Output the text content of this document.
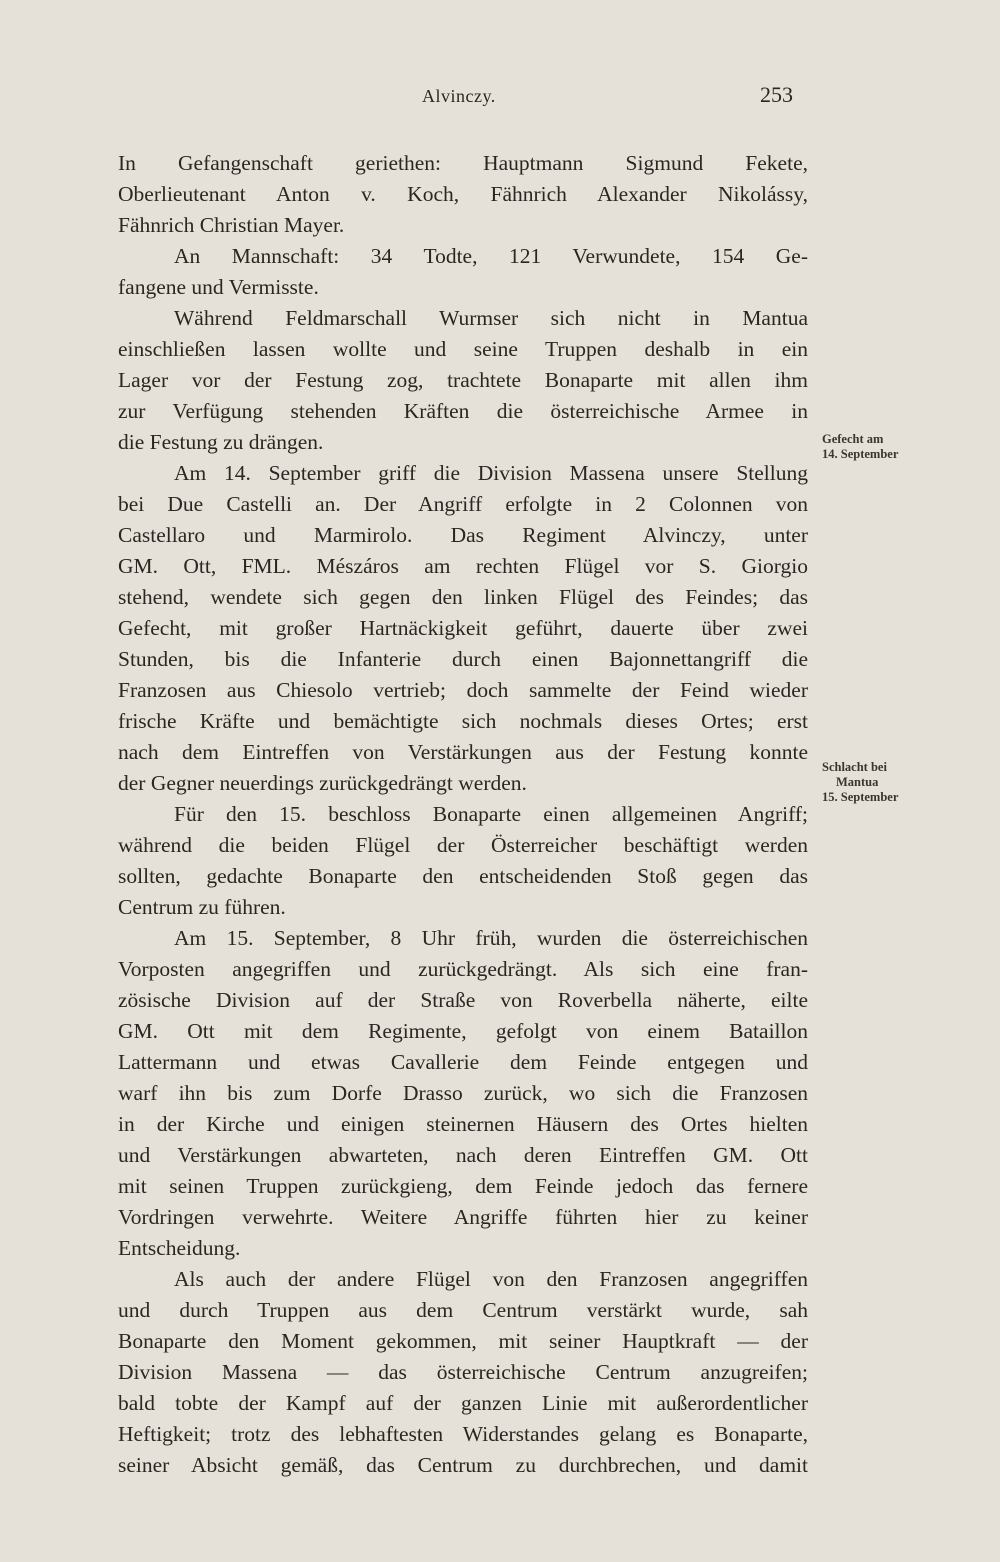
Alvinczy.	253
In Gefangenschaft geriethen: Hauptmann Sigmund Fekete,
Oberlieutenant Anton v. Koch, Fähnrich Alexander Nikolássy,
Fähnrich Christian Mayer.
An Mannschaft: 34 Todte, 121 Verwundete, 154 Ge-
fangene und Vermisste.
Während Feldmarschall Wurmser sich nicht in Mantua
einschließen lassen wollte und seine Truppen deshalb in ein
Lager vor der Festung zog, trachtete Bonaparte mit allen ihm
zur Verfügung stehenden Kräften die österreichische Armee in
die Festung zu drängen.
Am 14. September griff die Division Massena unsere Stellung
bei Due Castelli an. Der Angriff erfolgte in 2 Colonnen von
Castellaro und Marmirolo. Das Regiment Alvinczy, unter
GM. Ott, FML. Mészáros am rechten Flügel vor S. Giorgio
stehend, wendete sich gegen den linken Flügel des Feindes; das
Gefecht, mit großer Hartnäckigkeit geführt, dauerte über zwei
Stunden, bis die Infanterie durch einen Bajonnettangriff die
Franzosen aus Chiesolo vertrieb; doch sammelte der Feind wieder
frische Kräfte und bemächtigte sich nochmals dieses Ortes; erst
nach dem Eintreffen von Verstärkungen aus der Festung konnte
der Gegner neuerdings zurückgedrängt werden.
Für den 15. beschloss Bonaparte einen allgemeinen Angriff;
während die beiden Flügel der Österreicher beschäftigt werden
sollten, gedachte Bonaparte den entscheidenden Stoß gegen das
Centrum zu führen.
Am 15. September, 8 Uhr früh, wurden die österreichischen
Vorposten angegriffen und zurückgedrängt. Als sich eine fran-
zösische Division auf der Straße von Roverbella näherte, eilte
GM. Ott mit dem Regimente, gefolgt von einem Bataillon
Lattermann und etwas Cavallerie dem Feinde entgegen und
warf ihn bis zum Dorfe Drasso zurück, wo sich die Franzosen
in der Kirche und einigen steinernen Häusern des Ortes hielten
und Verstärkungen abwarteten, nach deren Eintreffen GM. Ott
mit seinen Truppen zurückgieng, dem Feinde jedoch das fernere
Vordringen verwehrte. Weitere Angriffe führten hier zu keiner
Entscheidung.
Als auch der andere Flügel von den Franzosen angegriffen
und durch Truppen aus dem Centrum verstärkt wurde, sah
Bonaparte den Moment gekommen, mit seiner Hauptkraft — der
Division Massena — das österreichische Centrum anzugreifen;
bald tobte der Kampf auf der ganzen Linie mit außerordentlicher
Heftigkeit; trotz des lebhaftesten Widerstandes gelang es Bonaparte,
seiner Absicht gemäß, das Centrum zu durchbrechen, und damit
Gefecht am
14. September
Schlacht bei
Mantua
15. September
